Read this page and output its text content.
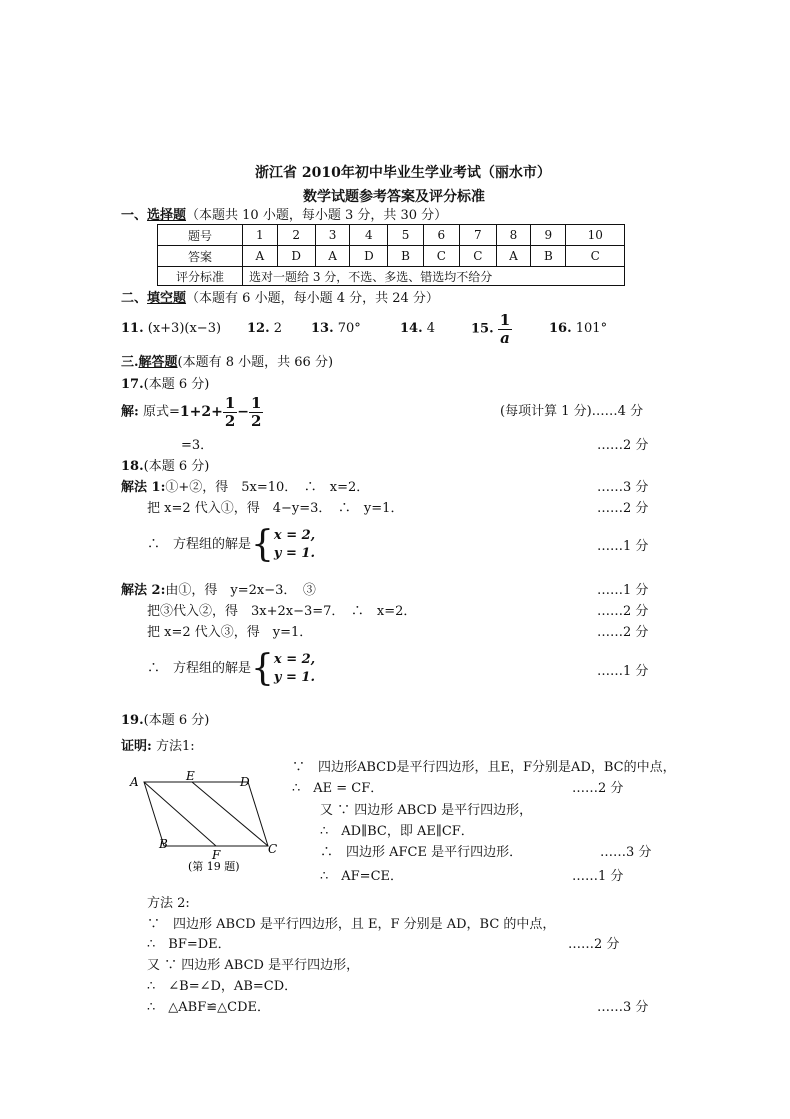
浙江省 2010年初中毕业生学业考试（丽水市）
数学试题参考答案及评分标准
一、选择题（本题共 10 小题，每小题 3 分，共 30 分）
题号	1	2	3	4	5	6	7	8	9	10
答案	A	D	A	D	B	C	C	A	B	C
评分标准	选对一题给 3 分，不选、多选、错选均不给分									
二、填空题（本题有 6 小题，每小题 4 分，共 24 分）
11. (x+3)(x−3) 12. 2 13. 70°	14. 4	15. $\frac{1}{a}$	16. 101°
三.解答题(本题有 8 小题，共 66 分)
17.(本题 6 分)
解: 原式$=1+2+ \frac{1}{2} - \frac{1}{2}$	(每项计算 1 分)……4 分
=3．	……2 分
18.(本题 6 分)
解法 1:①+②，得　5x=10．　∴　x=2．	……3 分
把 x=2 代入①，得　4−y=3．　∴　y=1．	……2 分
∴　方程组的解是{ x = 2,
y = 1.	……1 分
解法 2:由①，得　y=2x−3．　③	……1 分
把③代入②，得　3x+2x−3=7．　∴　x=2．	……2 分
把 x=2 代入③，得　y=1．	……2 分
∴　方程组的解是{ x = 2,
y = 1.	……1 分
19.(本题 6 分)
证明: 方法1:
A	E	D
B
F	C
(第 19 题)
∵　四边形ABCD是平行四边形，且E，F分别是AD，BC的中点，
∴　AE = CF．	……2 分
又 ∵ 四边形 ABCD 是平行四边形，
∴　AD∥BC，即 AE∥CF．
∴　四边形 AFCE 是平行四边形．	……3 分
∴　AF=CE．	……1 分
方法 2:
∵　四边形 ABCD 是平行四边形，且 E，F 分别是 AD，BC 的中点，
∴　BF=DE．	……2 分
又 ∵ 四边形 ABCD 是平行四边形，
∴　∠B=∠D，AB=CD．
∴　△ABF≌△CDE．	……3 分
